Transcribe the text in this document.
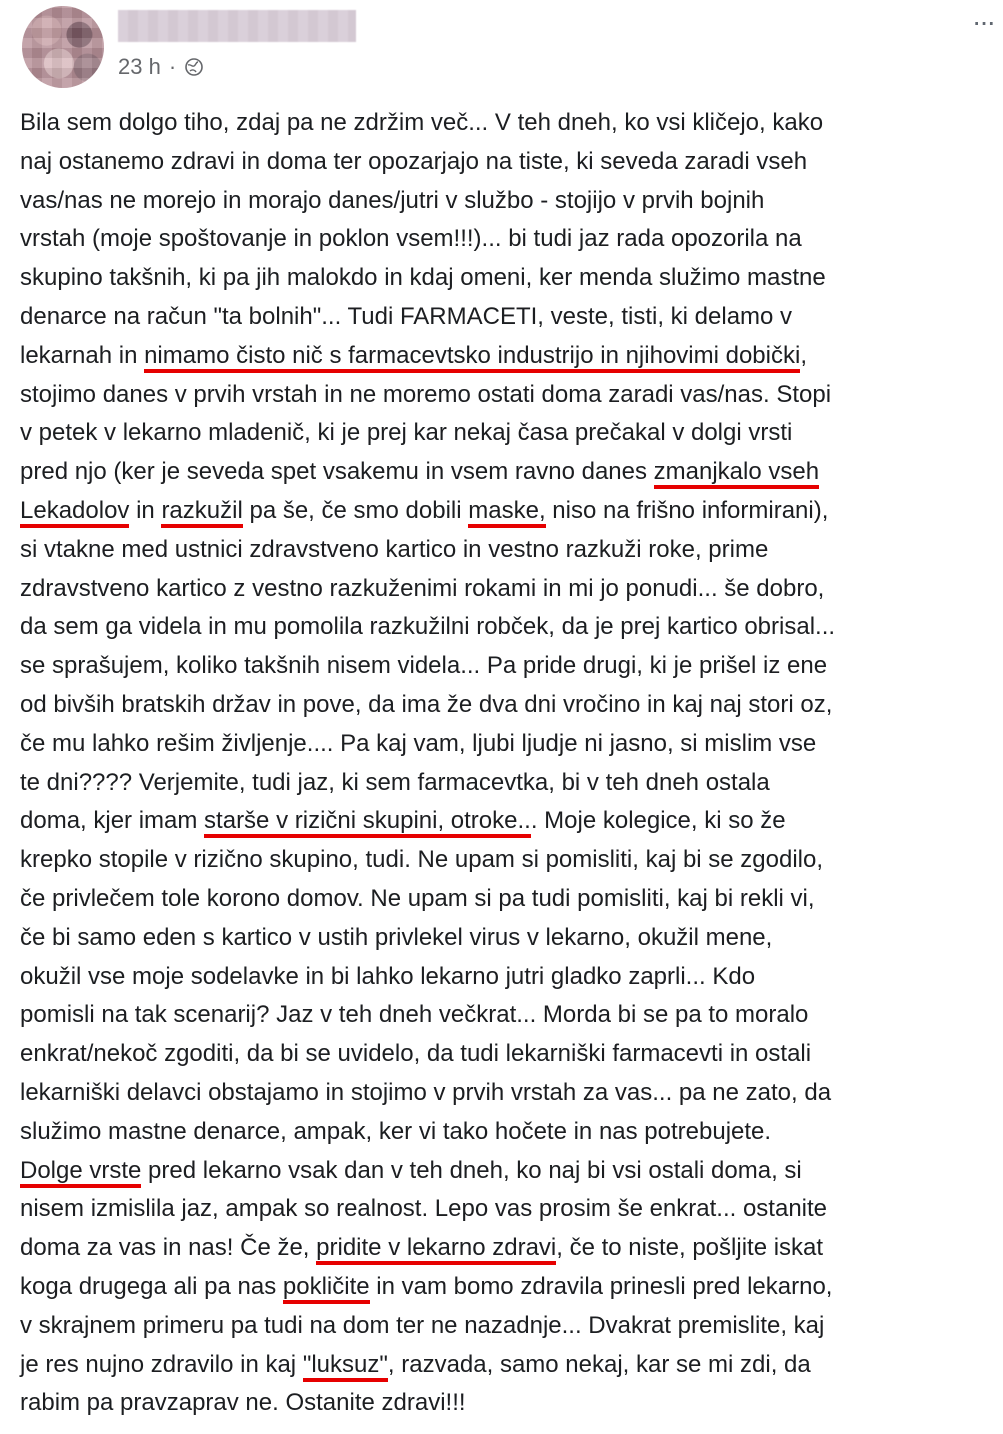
23 h ·
···
Bila sem dolgo tiho, zdaj pa ne zdržim več... V teh dneh, ko vsi kličejo, kako
naj ostanemo zdravi in doma ter opozarjajo na tiste, ki seveda zaradi vseh
vas/nas ne morejo in morajo danes/jutri v službo - stojijo v prvih bojnih
vrstah (moje spoštovanje in poklon vsem!!!)... bi tudi jaz rada opozorila na
skupino takšnih, ki pa jih malokdo in kdaj omeni, ker menda služimo mastne
denarce na račun "ta bolnih"... Tudi FARMACETI, veste, tisti, ki delamo v
lekarnah in nimamo čisto nič s farmacevtsko industrijo in njihovimi dobički,
stojimo danes v prvih vrstah in ne moremo ostati doma zaradi vas/nas. Stopi
v petek v lekarno mladenič, ki je prej kar nekaj časa prečakal v dolgi vrsti
pred njo (ker je seveda spet vsakemu in vsem ravno danes zmanjkalo vseh
Lekadolov in razkužil pa še, če smo dobili maske, niso na frišno informirani),
si vtakne med ustnici zdravstveno kartico in vestno razkuži roke, prime
zdravstveno kartico z vestno razkuženimi rokami in mi jo ponudi... še dobro,
da sem ga videla in mu pomolila razkužilni robček, da je prej kartico obrisal...
se sprašujem, koliko takšnih nisem videla... Pa pride drugi, ki je prišel iz ene
od bivših bratskih držav in pove, da ima že dva dni vročino in kaj naj stori oz,
če mu lahko rešim življenje.... Pa kaj vam, ljubi ljudje ni jasno, si mislim vse
te dni???? Verjemite, tudi jaz, ki sem farmacevtka, bi v teh dneh ostala
doma, kjer imam starše v rizični skupini, otroke... Moje kolegice, ki so že
krepko stopile v rizično skupino, tudi. Ne upam si pomisliti, kaj bi se zgodilo,
če privlečem tole korono domov. Ne upam si pa tudi pomisliti, kaj bi rekli vi,
če bi samo eden s kartico v ustih privlekel virus v lekarno, okužil mene,
okužil vse moje sodelavke in bi lahko lekarno jutri gladko zaprli... Kdo
pomisli na tak scenarij? Jaz v teh dneh večkrat... Morda bi se pa to moralo
enkrat/nekoč zgoditi, da bi se uvidelo, da tudi lekarniški farmacevti in ostali
lekarniški delavci obstajamo in stojimo v prvih vrstah za vas... pa ne zato, da
služimo mastne denarce, ampak, ker vi tako hočete in nas potrebujete.
Dolge vrste pred lekarno vsak dan v teh dneh, ko naj bi vsi ostali doma, si
nisem izmislila jaz, ampak so realnost. Lepo vas prosim še enkrat... ostanite
doma za vas in nas! Če že, pridite v lekarno zdravi, če to niste, pošljite iskat
koga drugega ali pa nas pokličite in vam bomo zdravila prinesli pred lekarno,
v skrajnem primeru pa tudi na dom ter ne nazadnje... Dvakrat premislite, kaj
je res nujno zdravilo in kaj "luksuz", razvada, samo nekaj, kar se mi zdi, da
rabim pa pravzaprav ne. Ostanite zdravi!!!
